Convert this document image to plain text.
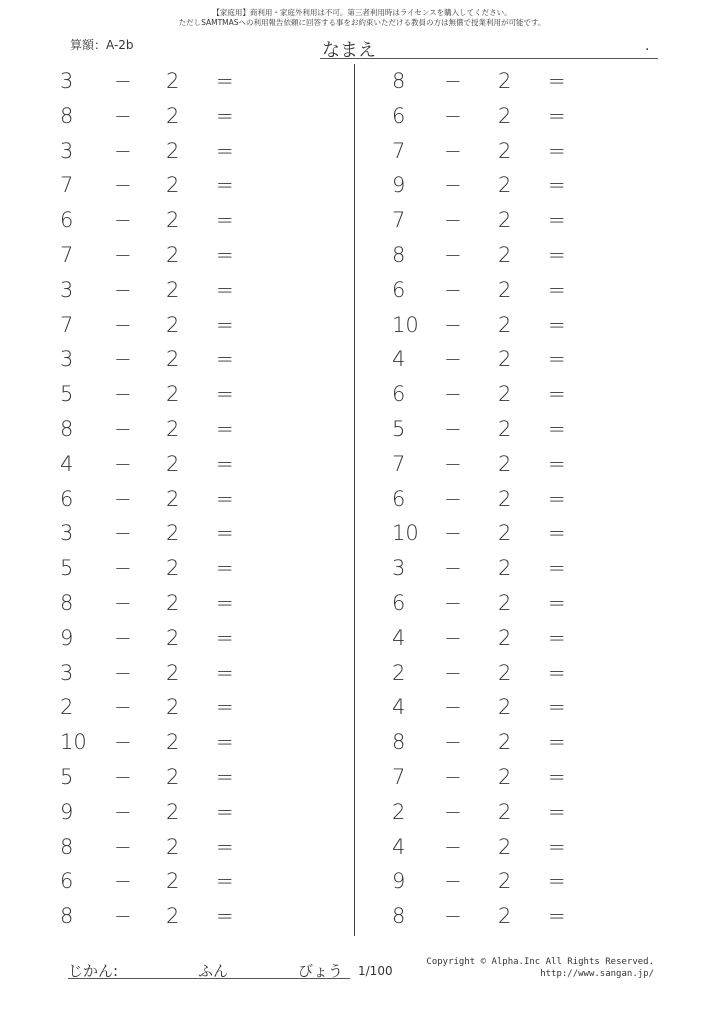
【家庭用】商利用・家庭外利用は不可。第三者利用時はライセンスを購入してください。
ただしSAMTMASへの利用報告依頼に回答する事をお約束いただける教員の方は無償で授業利用が可能です。
算額：A-2b	なまえ	.
3 − 2 =
8 − 2 =
3 − 2 =
7 − 2 =
6 − 2 =
7 − 2 =
3 − 2 =
7 − 2 =
3 − 2 =
5 − 2 =
8 − 2 =
4 − 2 =
6 − 2 =
3 − 2 =
5 − 2 =
8 − 2 =
9 − 2 =
3 − 2 =
2 − 2 =
10 − 2 =
5 − 2 =
9 − 2 =
8 − 2 =
6 − 2 =
8 − 2 =
8 − 2 =
6 − 2 =
7 − 2 =
9 − 2 =
7 − 2 =
8 − 2 =
6 − 2 =
10 − 2 =
4 − 2 =
6 − 2 =
5 − 2 =
7 − 2 =
6 − 2 =
10 − 2 =
3 − 2 =
6 − 2 =
4 − 2 =
2 − 2 =
4 − 2 =
8 − 2 =
7 − 2 =
2 − 2 =
4 − 2 =
9 − 2 =
8 − 2 =
じかん:	ふん	びょう 1/100
Copyright © Alpha.Inc All Rights Reserved.
http://www.sangan.jp/
